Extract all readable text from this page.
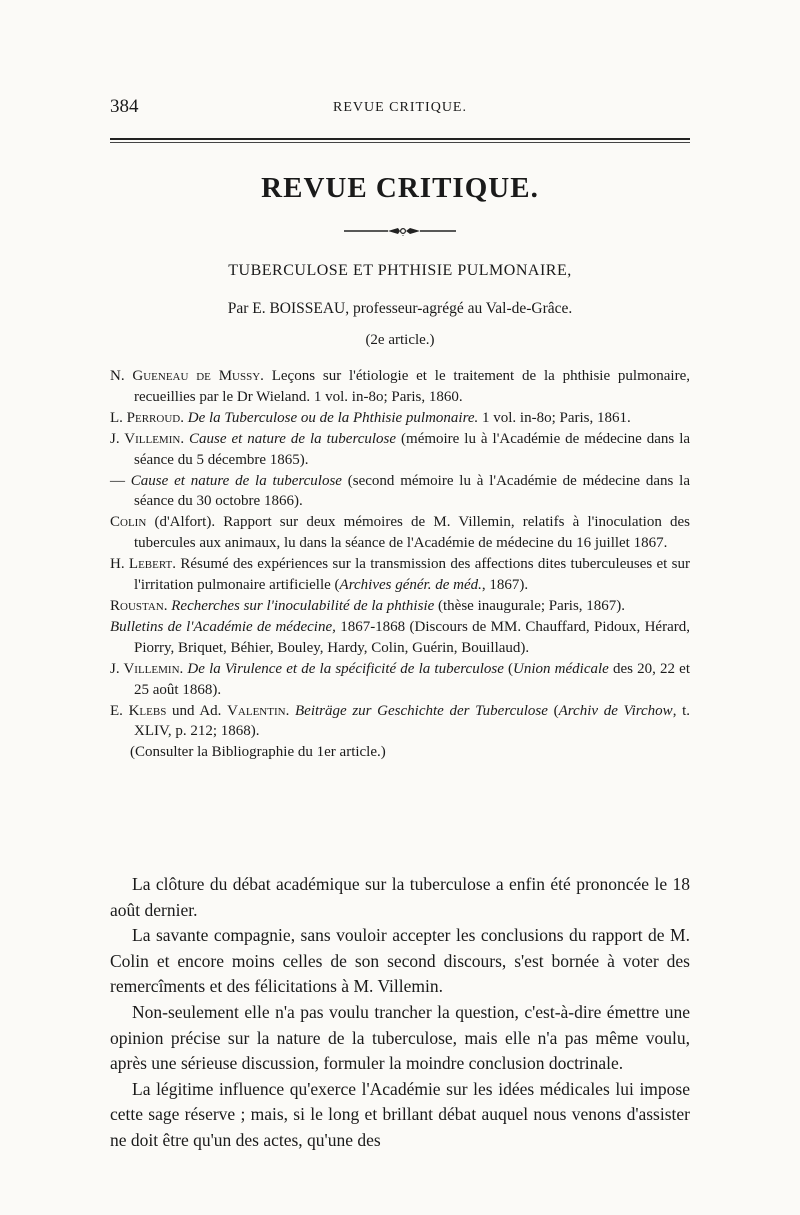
384	REVUE CRITIQUE.
REVUE CRITIQUE.
TUBERCULOSE ET PHTHISIE PULMONAIRE,
Par E. BOISSEAU, professeur-agrégé au Val-de-Grâce.
(2e article.)

N. Gueneau de Mussy. Leçons sur l'étiologie et le traitement de la phthisie pulmonaire, recueillies par le Dr Wieland. 1 vol. in-8o; Paris, 1860.

L. Perroud. De la Tuberculose ou de la Phthisie pulmonaire. 1 vol. in-8o; Paris, 1861.

J. Villemin. Cause et nature de la tuberculose (mémoire lu à l'Académie de médecine dans la séance du 5 décembre 1865).

— Cause et nature de la tuberculose (second mémoire lu à l'Académie de médecine dans la séance du 30 octobre 1866).

Colin (d'Alfort). Rapport sur deux mémoires de M. Villemin, relatifs à l'inoculation des tubercules aux animaux, lu dans la séance de l'Académie de médecine du 16 juillet 1867.

H. Lebert. Résumé des expériences sur la transmission des affections dites tuberculeuses et sur l'irritation pulmonaire artificielle (Archives génér. de méd., 1867).

Roustan. Recherches sur l'inoculabilité de la phthisie (thèse inaugurale; Paris, 1867).

Bulletins de l'Académie de médecine, 1867-1868 (Discours de MM. Chauffard, Pidoux, Hérard, Piorry, Briquet, Béhier, Bouley, Hardy, Colin, Guérin, Bouillaud).

J. Villemin. De la Virulence et de la spécificité de la tuberculose (Union médicale des 20, 22 et 25 août 1868).

E. Klebs und Ad. Valentin. Beiträge zur Geschichte der Tuberculose (Archiv de Virchow, t. XLIV, p. 212; 1868).

(Consulter la Bibliographie du 1er article.)

La clôture du débat académique sur la tuberculose a enfin été prononcée le 18 août dernier.

La savante compagnie, sans vouloir accepter les conclusions du rapport de M. Colin et encore moins celles de son second discours, s'est bornée à voter des remercîments et des félicitations à M. Villemin.

Non-seulement elle n'a pas voulu trancher la question, c'est-à-dire émettre une opinion précise sur la nature de la tuberculose, mais elle n'a pas même voulu, après une sérieuse discussion, formuler la moindre conclusion doctrinale.

La légitime influence qu'exerce l'Académie sur les idées médicales lui impose cette sage réserve ; mais, si le long et brillant débat auquel nous venons d'assister ne doit être qu'un des actes, qu'une des
